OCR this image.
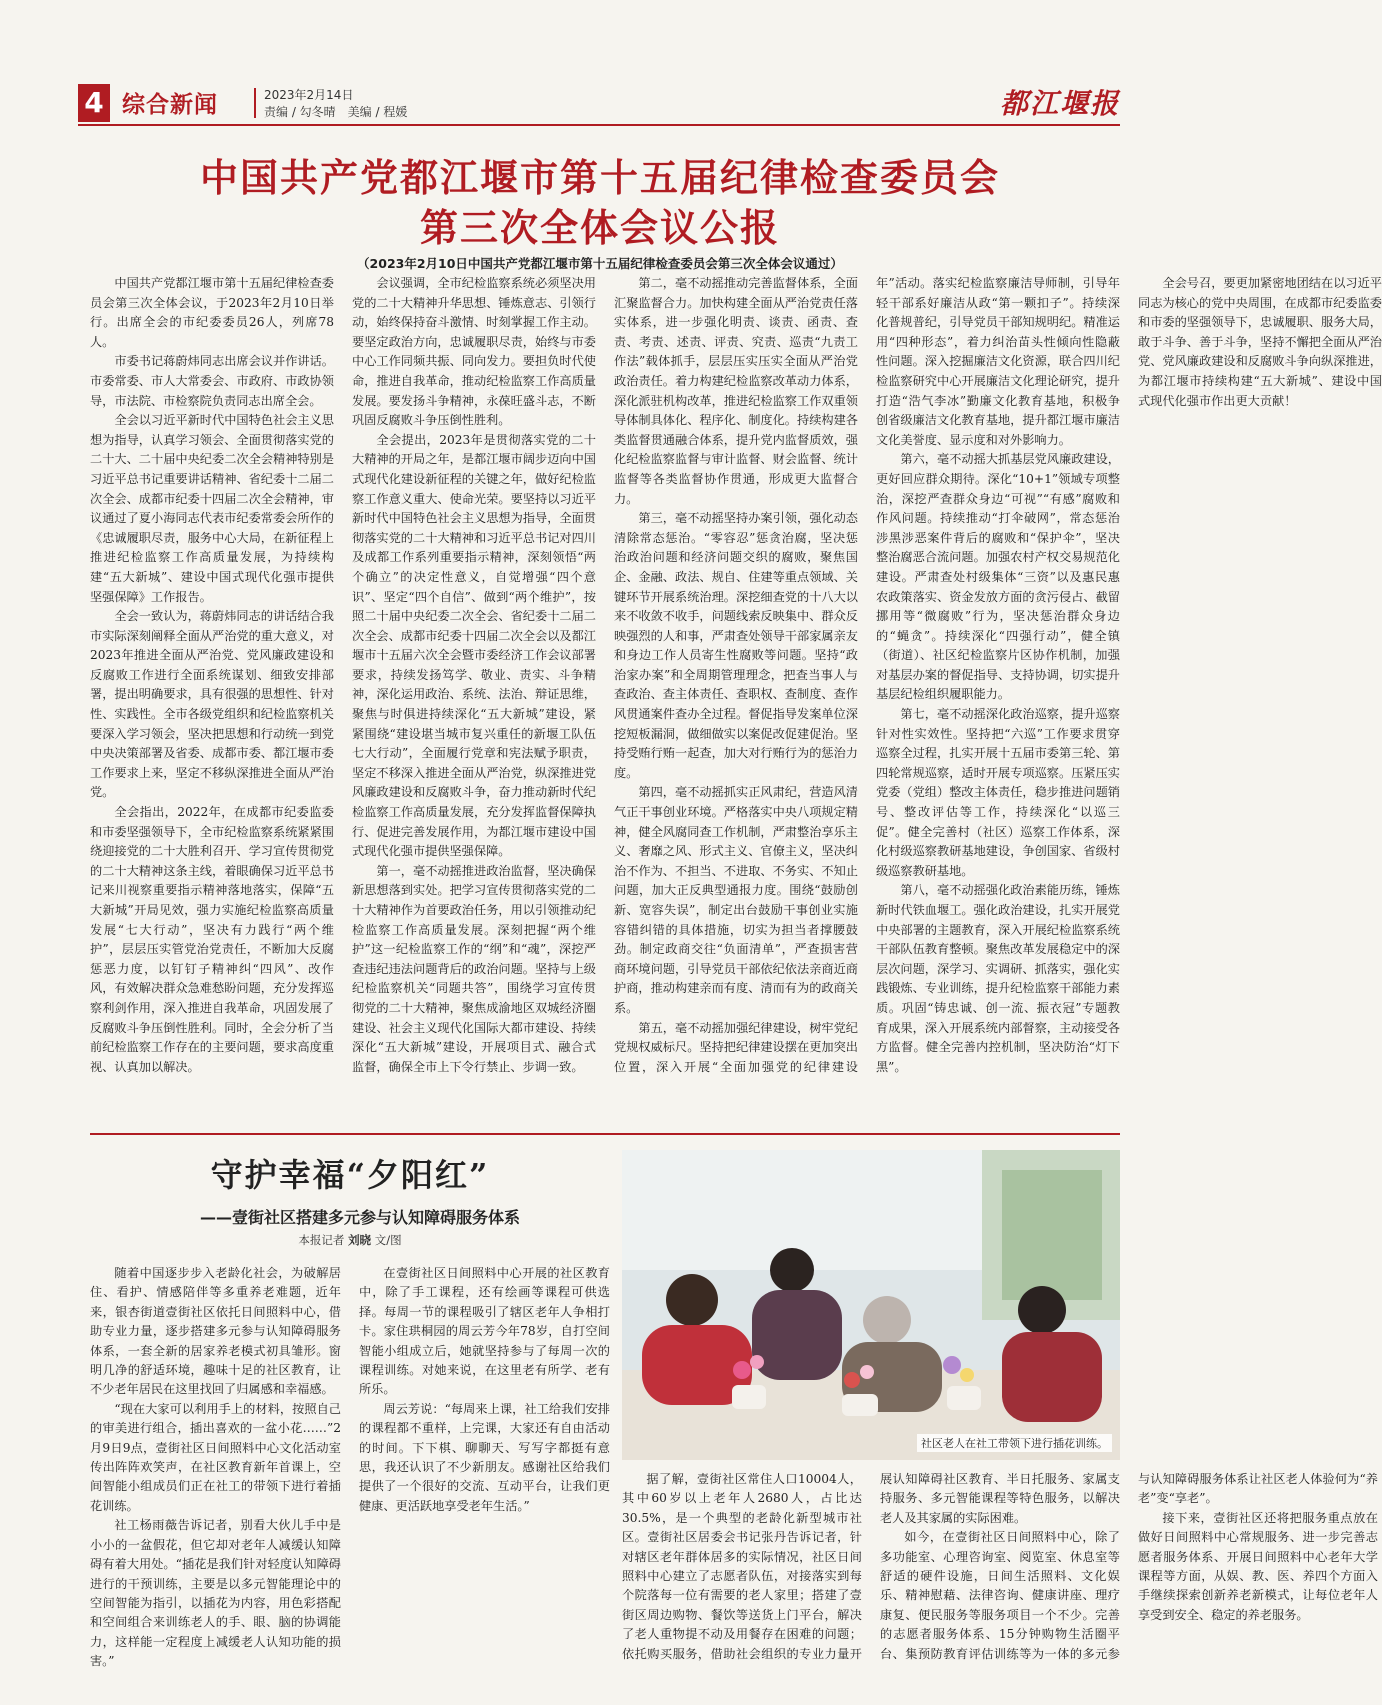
4 综合新闻	2023年2月14日
责编 / 勾冬晴　美编 / 程媛	都江堰报
中国共产党都江堰市第十五届纪律检查委员会
第三次全体会议公报
（2023年2月10日中国共产党都江堰市第十五届纪律检查委员会第三次全体会议通过）

中国共产党都江堰市第十五届纪律检查委员会第三次全体会议，于2023年2月10日举行。出席全会的市纪委委员26人，列席78人。

市委书记蒋蔚炜同志出席会议并作讲话。市委常委、市人大常委会、市政府、市政协领导，市法院、市检察院负责同志出席全会。

全会以习近平新时代中国特色社会主义思想为指导，认真学习领会、全面贯彻落实党的二十大、二十届中央纪委二次全会精神特别是习近平总书记重要讲话精神、省纪委十二届二次全会、成都市纪委十四届二次全会精神，审议通过了夏小海同志代表市纪委常委会所作的《忠诚履职尽责，服务中心大局，在新征程上推进纪检监察工作高质量发展，为持续构建“五大新城”、建设中国式现代化强市提供坚强保障》工作报告。

全会一致认为，蒋蔚炜同志的讲话结合我市实际深刻阐释全面从严治党的重大意义，对2023年推进全面从严治党、党风廉政建设和反腐败工作进行全面系统谋划、细致安排部署，提出明确要求，具有很强的思想性、针对性、实践性。全市各级党组织和纪检监察机关要深入学习领会，坚决把思想和行动统一到党中央决策部署及省委、成都市委、都江堰市委工作要求上来，坚定不移纵深推进全面从严治党。

全会指出，2022年，在成都市纪委监委和市委坚强领导下，全市纪检监察系统紧紧围绕迎接党的二十大胜利召开、学习宣传贯彻党的二十大精神这条主线，着眼确保习近平总书记来川视察重要指示精神落地落实，保障“五大新城”开局见效，强力实施纪检监察高质量发展“七大行动”，坚决有力践行“两个维护”，层层压实管党治党责任，不断加大反腐惩恶力度，以钉钉子精神纠“四风”、改作风，有效解决群众急难愁盼问题，充分发挥巡察利剑作用，深入推进自我革命，巩固发展了反腐败斗争压倒性胜利。同时，全会分析了当前纪检监察工作存在的主要问题，要求高度重视、认真加以解决。

会议强调，全市纪检监察系统必须坚决用党的二十大精神升华思想、锤炼意志、引领行动，始终保持奋斗激情、时刻掌握工作主动。要坚定政治方向，忠诚履职尽责，始终与市委中心工作同频共振、同向发力。要担负时代使命，推进自我革命，推动纪检监察工作高质量发展。要发扬斗争精神，永葆旺盛斗志，不断巩固反腐败斗争压倒性胜利。

全会提出，2023年是贯彻落实党的二十大精神的开局之年，是都江堰市阔步迈向中国式现代化建设新征程的关键之年，做好纪检监察工作意义重大、使命光荣。要坚持以习近平新时代中国特色社会主义思想为指导，全面贯彻落实党的二十大精神和习近平总书记对四川及成都工作系列重要指示精神，深刻领悟“两个确立”的决定性意义，自觉增强“四个意识”、坚定“四个自信”、做到“两个维护”，按照二十届中央纪委二次全会、省纪委十二届二次全会、成都市纪委十四届二次全会以及都江堰市十五届六次全会暨市委经济工作会议部署要求，持续发扬笃学、敬业、责实、斗争精神，深化运用政治、系统、法治、辩证思维，聚焦与时俱进持续深化“五大新城”建设，紧紧围绕“建设堪当城市复兴重任的新堰工队伍七大行动”，全面履行党章和宪法赋予职责，坚定不移深入推进全面从严治党，纵深推进党风廉政建设和反腐败斗争，奋力推动新时代纪检监察工作高质量发展，充分发挥监督保障执行、促进完善发展作用，为都江堰市建设中国式现代化强市提供坚强保障。

第一，毫不动摇推进政治监督，坚决确保新思想落到实处。把学习宣传贯彻落实党的二十大精神作为首要政治任务，用以引领推动纪检监察工作高质量发展。深刻把握“两个维护”这一纪检监察工作的“纲”和“魂”，深挖严查违纪违法问题背后的政治问题。坚持与上级纪检监察机关“同题共答”，围绕学习宣传贯彻党的二十大精神，聚焦成渝地区双城经济圈建设、社会主义现代化国际大都市建设、持续深化“五大新城”建设，开展项目式、融合式监督，确保全市上下令行禁止、步调一致。

第二，毫不动摇推动完善监督体系，全面汇聚监督合力。加快构建全面从严治党责任落实体系，进一步强化明责、谈责、函责、查责、考责、述责、评责、究责、巡责“九责工作法”载体抓手，层层压实压实全面从严治党政治责任。着力构建纪检监察改革动力体系，深化派驻机构改革，推进纪检监察工作双重领导体制具体化、程序化、制度化。持续构建各类监督贯通融合体系，提升党内监督质效，强化纪检监察监督与审计监督、财会监督、统计监督等各类监督协作贯通，形成更大监督合力。

第三，毫不动摇坚持办案引领，强化动态清除常态惩治。“零容忍”惩贪治腐，坚决惩治政治问题和经济问题交织的腐败，聚焦国企、金融、政法、规自、住建等重点领域、关键环节开展系统治理。深挖细查党的十八大以来不收敛不收手，问题线索反映集中、群众反映强烈的人和事，严肃查处领导干部家属亲友和身边工作人员寄生性腐败等问题。坚持“政治家办案”和全周期管理理念，把查当事人与查政治、查主体责任、查职权、查制度、查作风贯通案件查办全过程。督促指导发案单位深挖短板漏洞，做细做实以案促改促建促治。坚持受贿行贿一起查，加大对行贿行为的惩治力度。

第四，毫不动摇抓实正风肃纪，营造风清气正干事创业环境。严格落实中央八项规定精神，健全风腐同查工作机制，严肃整治享乐主义、奢靡之风、形式主义、官僚主义，坚决纠治不作为、不担当、不进取、不务实、不知止问题，加大正反典型通报力度。围绕“鼓励创新、宽容失误”，制定出台鼓励干事创业实施容错纠错的具体措施，切实为担当者撑腰鼓劲。制定政商交往“负面清单”，严查损害营商环境问题，引导党员干部依纪依法亲商近商护商，推动构建亲而有度、清而有为的政商关系。

第五，毫不动摇加强纪律建设，树牢党纪党规权威标尺。坚持把纪律建设摆在更加突出位置，深入开展“全面加强党的纪律建设年”活动。落实纪检监察廉洁导师制，引导年轻干部系好廉洁从政“第一颗扣子”。持续深化普规普纪，引导党员干部知规明纪。精准运用“四种形态”，着力纠治苗头性倾向性隐蔽性问题。深入挖掘廉洁文化资源，联合四川纪检监察研究中心开展廉洁文化理论研究，提升打造“浩气李冰”勤廉文化教育基地，积极争创省级廉洁文化教育基地，提升都江堰市廉洁文化美誉度、显示度和对外影响力。

第六，毫不动摇大抓基层党风廉政建设，更好回应群众期待。深化“10+1”领域专项整治，深挖严查群众身边“可视”“有感”腐败和作风问题。持续推动“打伞破网”，常态惩治涉黑涉恶案件背后的腐败和“保护伞”，坚决整治腐恶合流问题。加强农村产权交易规范化建设。严肃查处村级集体“三资”以及惠民惠农政策落实、资金发放方面的贪污侵占、截留挪用等“微腐败”行为，坚决惩治群众身边的“蝇贪”。持续深化“四强行动”，健全镇（街道）、社区纪检监察片区协作机制，加强对基层办案的督促指导、支持协调，切实提升基层纪检组织履职能力。

第七，毫不动摇深化政治巡察，提升巡察针对性实效性。坚持把“六巡”工作要求贯穿巡察全过程，扎实开展十五届市委第三轮、第四轮常规巡察，适时开展专项巡察。压紧压实党委（党组）整改主体责任，稳步推进问题销号、整改评估等工作，持续深化“以巡三促”。健全完善村（社区）巡察工作体系，深化村级巡察教研基地建设，争创国家、省级村级巡察教研基地。

第八，毫不动摇强化政治素能历练，锤炼新时代铁血堰工。强化政治建设，扎实开展党中央部署的主题教育，深入开展纪检监察系统干部队伍教育整顿。聚焦改革发展稳定中的深层次问题，深学习、实调研、抓落实，强化实践锻炼、专业训练，提升纪检监察干部能力素质。巩固“铸忠诚、创一流、振衣冠”专题教育成果，深入开展系统内部督察，主动接受各方监督。健全完善内控机制，坚决防治“灯下黑”。

全会号召，要更加紧密地团结在以习近平同志为核心的党中央周围，在成都市纪委监委和市委的坚强领导下，忠诚履职、服务大局，敢于斗争、善于斗争，坚持不懈把全面从严治党、党风廉政建设和反腐败斗争向纵深推进，为都江堰市持续构建“五大新城”、建设中国式现代化强市作出更大贡献！

守护幸福“夕阳红”
——壹街社区搭建多元参与认知障碍服务体系
本报记者 刘晓 文/图

随着中国逐步步入老龄化社会，为破解居住、看护、情感陪伴等多重养老难题，近年来，银杏街道壹街社区依托日间照料中心，借助专业力量，逐步搭建多元参与认知障碍服务体系，一套全新的居家养老模式初具雏形。窗明几净的舒适环境，趣味十足的社区教育，让不少老年居民在这里找回了归属感和幸福感。

“现在大家可以利用手上的材料，按照自己的审美进行组合，插出喜欢的一盆小花……”2月9日9点，壹街社区日间照料中心文化活动室传出阵阵欢笑声，在社区教育新年首课上，空间智能小组成员们正在社工的带领下进行着插花训练。

社工杨雨薇告诉记者，别看大伙儿手中是小小的一盆假花，但它却对老年人减缓认知障碍有着大用处。“插花是我们针对轻度认知障碍进行的干预训练，主要是以多元智能理论中的空间智能为指引，以插花为内容，用色彩搭配和空间组合来训练老人的手、眼、脑的协调能力，这样能一定程度上减缓老人认知功能的损害。”

在壹街社区日间照料中心开展的社区教育中，除了手工课程，还有绘画等课程可供选择。每周一节的课程吸引了辖区老年人争相打卡。家住珙桐园的周云芳今年78岁，自打空间智能小组成立后，她就坚持参与了每周一次的课程训练。对她来说，在这里老有所学、老有所乐。

周云芳说：“每周来上课，社工给我们安排的课程都不重样，上完课，大家还有自由活动的时间。下下棋、聊聊天、写写字都挺有意思，我还认识了不少新朋友。感谢社区给我们提供了一个很好的交流、互动平台，让我们更健康、更活跃地享受老年生活。”

社区老人在社工带领下进行插花训练。

据了解，壹街社区常住人口10004人，其中60岁以上老年人2680人，占比达30.5%，是一个典型的老龄化新型城市社区。壹街社区居委会书记张丹告诉记者，针对辖区老年群体居多的实际情况，社区日间照料中心建立了志愿者队伍，对接落实到每个院落每一位有需要的老人家里；搭建了壹街区周边购物、餐饮等送货上门平台，解决了老人重物提不动及用餐存在困难的问题；依托购买服务，借助社会组织的专业力量开展认知障碍社区教育、半日托服务、家属支持服务、多元智能课程等特色服务，以解决老人及其家属的实际困难。

如今，在壹街社区日间照料中心，除了多功能室、心理咨询室、阅览室、休息室等舒适的硬件设施，日间生活照料、文化娱乐、精神慰藉、法律咨询、健康讲座、理疗康复、便民服务等服务项目一个不少。完善的志愿者服务体系、15分钟购物生活圈平台、集预防教育评估训练等为一体的多元参与认知障碍服务体系让社区老人体验何为“养老”变“享老”。

接下来，壹街社区还将把服务重点放在做好日间照料中心常规服务、进一步完善志愿者服务体系、开展日间照料中心老年大学课程等方面，从娱、教、医、养四个方面入手继续探索创新养老新模式，让每位老年人享受到安全、稳定的养老服务。
